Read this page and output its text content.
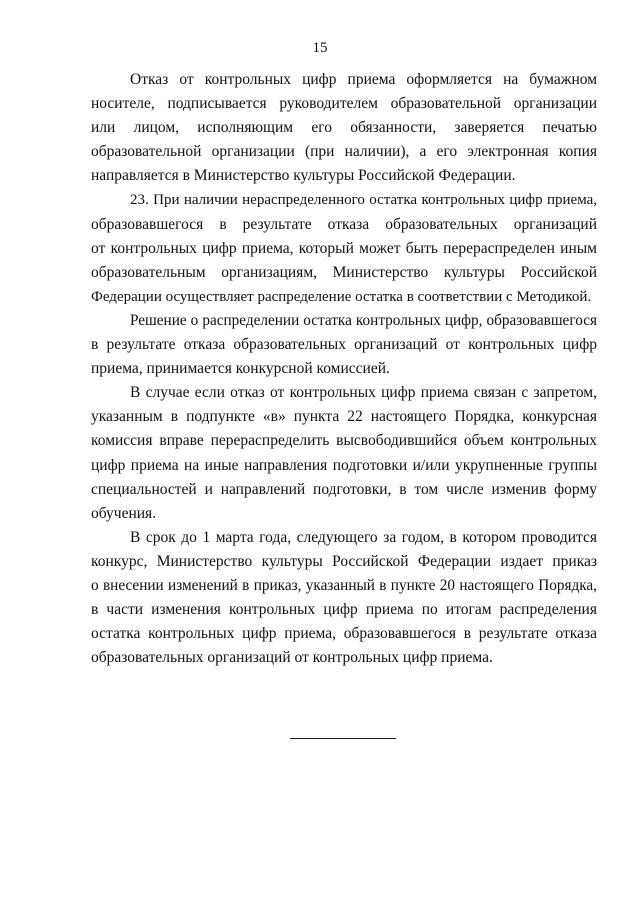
15

Отказ от контрольных цифр приема оформляется на бумажном
носителе, подписывается руководителем образовательной организации
или лицом, исполняющим его обязанности, заверяется печатью
образовательной организации (при наличии), а его электронная копия
направляется в Министерство культуры Российской Федерации.

23. При наличии нераспределенного остатка контрольных цифр приема,
образовавшегося в результате отказа образовательных организаций
от контрольных цифр приема, который может быть перераспределен иным
образовательным организациям, Министерство культуры Российской
Федерации осуществляет распределение остатка в соответствии с Методикой.

Решение о распределении остатка контрольных цифр, образовавшегося
в результате отказа образовательных организаций от контрольных цифр
приема, принимается конкурсной комиссией.

В случае если отказ от контрольных цифр приема связан с запретом,
указанным в подпункте «в» пункта 22 настоящего Порядка, конкурсная
комиссия вправе перераспределить высвободившийся объем контрольных
цифр приема на иные направления подготовки и/или укрупненные группы
специальностей и направлений подготовки, в том числе изменив форму
обучения.

В срок до 1 марта года, следующего за годом, в котором проводится
конкурс, Министерство культуры Российской Федерации издает приказ
о внесении изменений в приказ, указанный в пункте 20 настоящего Порядка,
в части изменения контрольных цифр приема по итогам распределения
остатка контрольных цифр приема, образовавшегося в результате отказа
образовательных организаций от контрольных цифр приема.
